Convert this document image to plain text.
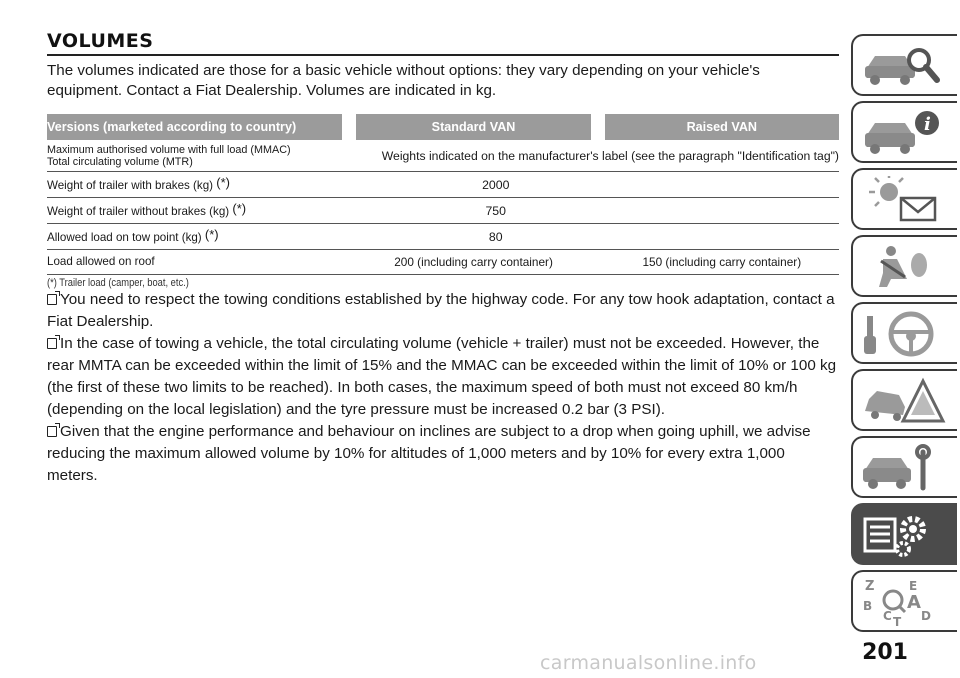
VOLUMES

The volumes indicated are those for a basic vehicle without options: they vary depending on your vehicle's equipment. Contact a Fiat Dealership. Volumes are indicated in kg.

Versions (marketed according to country)		Standard VAN		Raised VAN
Maximum authorised volume with full load (MMAC)
Total circulating volume (MTR)	Weights indicated on the manufacturer's label (see the paragraph "Identification tag")			
Weight of trailer with brakes (kg) (*)	2000			
Weight of trailer without brakes (kg) (*)	750			
Allowed load on tow point (kg) (*)	80			
Load allowed on roof		200 (including carry container)		150 (including carry container)
(*) Trailer load (camper, boat, etc.)

You need to respect the towing conditions established by the highway code. For any tow hook adaptation, contact a Fiat Dealership.

In the case of towing a vehicle, the total circulating volume (vehicle + trailer) must not be exceeded. However, the rear MMTA can be exceeded within the limit of 15% and the MMAC can be exceeded within the limit of 10% or 100 kg (the first of these two limits to be reached). In both cases, the maximum speed of both must not exceed 80 km/h (depending on the local legislation) and the tyre pressure must be increased 0.2 bar (3 PSI).

Given that the engine performance and behaviour on inclines are subject to a drop when going uphill, we advise reducing the maximum allowed volume by 10% for altitudes of 1,000 meters and by 10% for every extra 1,000 meters.

i
Z	E
B A
C D
T
201
carmanualsonline.info
